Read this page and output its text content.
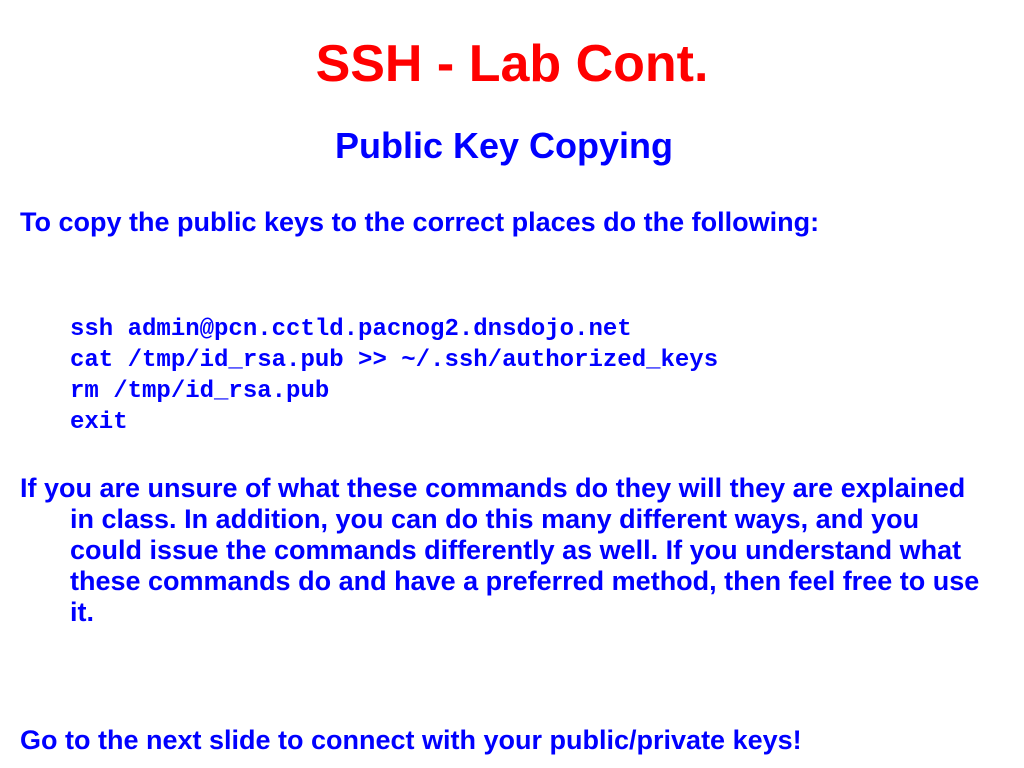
SSH - Lab Cont.
Public Key Copying

To copy the public keys to the correct places do the following:

ssh admin@pcn.cctld.pacnog2.dnsdojo.net
cat /tmp/id_rsa.pub >> ~/.ssh/authorized_keys
rm /tmp/id_rsa.pub
exit

If you are unsure of what these commands do they will they are explained in class. In addition, you can do this many different ways, and you could issue the commands differently as well. If you understand what these commands do and have a preferred method, then feel free to use it.

Go to the next slide to connect with your public/private keys!
